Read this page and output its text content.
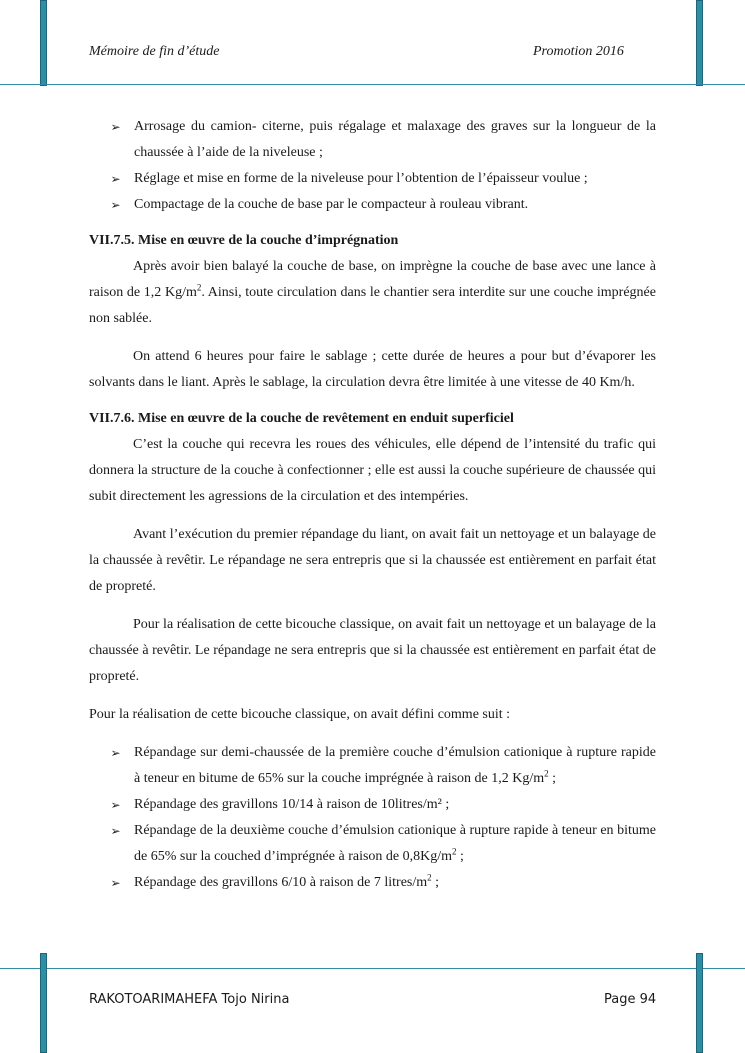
Mémoire de fin d’étude	Promotion 2016
➢ Arrosage du camion- citerne, puis régalage et malaxage des graves sur la longueur de la chaussée à l’aide de la niveleuse ;
➢ Réglage et mise en forme de la niveleuse pour l’obtention de l’épaisseur voulue ;
➢ Compactage de la couche de base par le compacteur à rouleau vibrant.
VII.7.5. Mise en œuvre de la couche d’imprégnation

Après avoir bien balayé la couche de base, on imprègne la couche de base avec une lance à raison de 1,2 $Kg/m^2$. Ainsi, toute circulation dans le chantier sera interdite sur une couche imprégnée non sablée.

On attend 6 heures pour faire le sablage ; cette durée de heures a pour but d’évaporer les solvants dans le liant. Après le sablage, la circulation devra être limitée à une vitesse de 40 Km/h.

VII.7.6. Mise en œuvre de la couche de revêtement en enduit superficiel

C’est la couche qui recevra les roues des véhicules, elle dépend de l’intensité du trafic qui donnera la structure de la couche à confectionner ; elle est aussi la couche supérieure de chaussée qui subit directement les agressions de la circulation et des intempéries.

Avant l’exécution du premier répandage du liant, on avait fait un nettoyage et un balayage de la chaussée à revêtir. Le répandage ne sera entrepris que si la chaussée est entièrement en parfait état de propreté.

Pour la réalisation de cette bicouche classique, on avait fait un nettoyage et un balayage de la chaussée à revêtir. Le répandage ne sera entrepris que si la chaussée est entièrement en parfait état de propreté.

Pour la réalisation de cette bicouche classique, on avait défini comme suit :

➢ Répandage sur demi-chaussée de la première couche d’émulsion cationique à rupture rapide à teneur en bitume de 65% sur la couche imprégnée à raison de 1,2 $Kg/m^2$ ;
➢ Répandage des gravillons 10/14 à raison de 10litres/m² ;
➢ Répandage de la deuxième couche d’émulsion cationique à rupture rapide à teneur en bitume de 65% sur la couched d’imprégnée à raison de $0,8Kg/m^2$ ;
➢ Répandage des gravillons 6/10 à raison de 7 litres/$m^2$ ;
RAKOTOARIMAHEFA Tojo Nirina	Page 94
